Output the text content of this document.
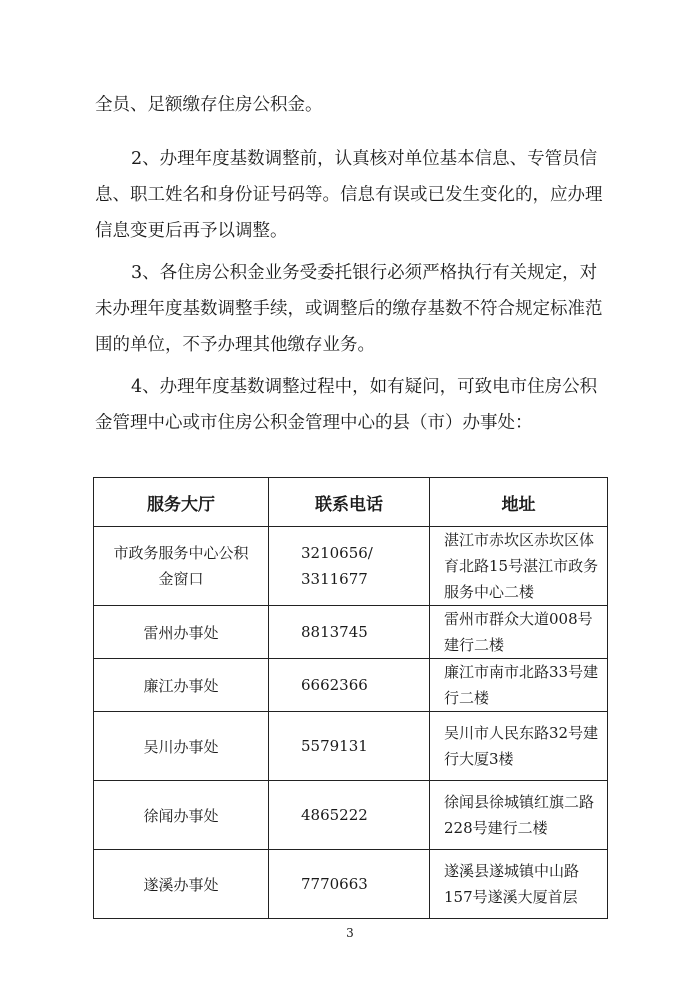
全员、足额缴存住房公积金。

2、办理年度基数调整前，认真核对单位基本信息、专管员信息、职工姓名和身份证号码等。信息有误或已发生变化的，应办理信息变更后再予以调整。

3、各住房公积金业务受委托银行必须严格执行有关规定，对未办理年度基数调整手续，或调整后的缴存基数不符合规定标准范围的单位，不予办理其他缴存业务。

4、办理年度基数调整过程中，如有疑问，可致电市住房公积金管理中心或市住房公积金管理中心的县（市）办事处：

服务大厅	联系电话	地址
市政务服务中心公积金窗口	3210656/ 3311677	湛江市赤坎区赤坎区体育北路15号湛江市政务服务中心二楼
雷州办事处	8813745	雷州市群众大道008号建行二楼
廉江办事处	6662366	廉江市南市北路33号建行二楼
吴川办事处	5579131	吴川市人民东路32号建行大厦3楼
徐闻办事处	4865222	徐闻县徐城镇红旗二路228号建行二楼
遂溪办事处	7770663	遂溪县遂城镇中山路157号遂溪大厦首层
3
